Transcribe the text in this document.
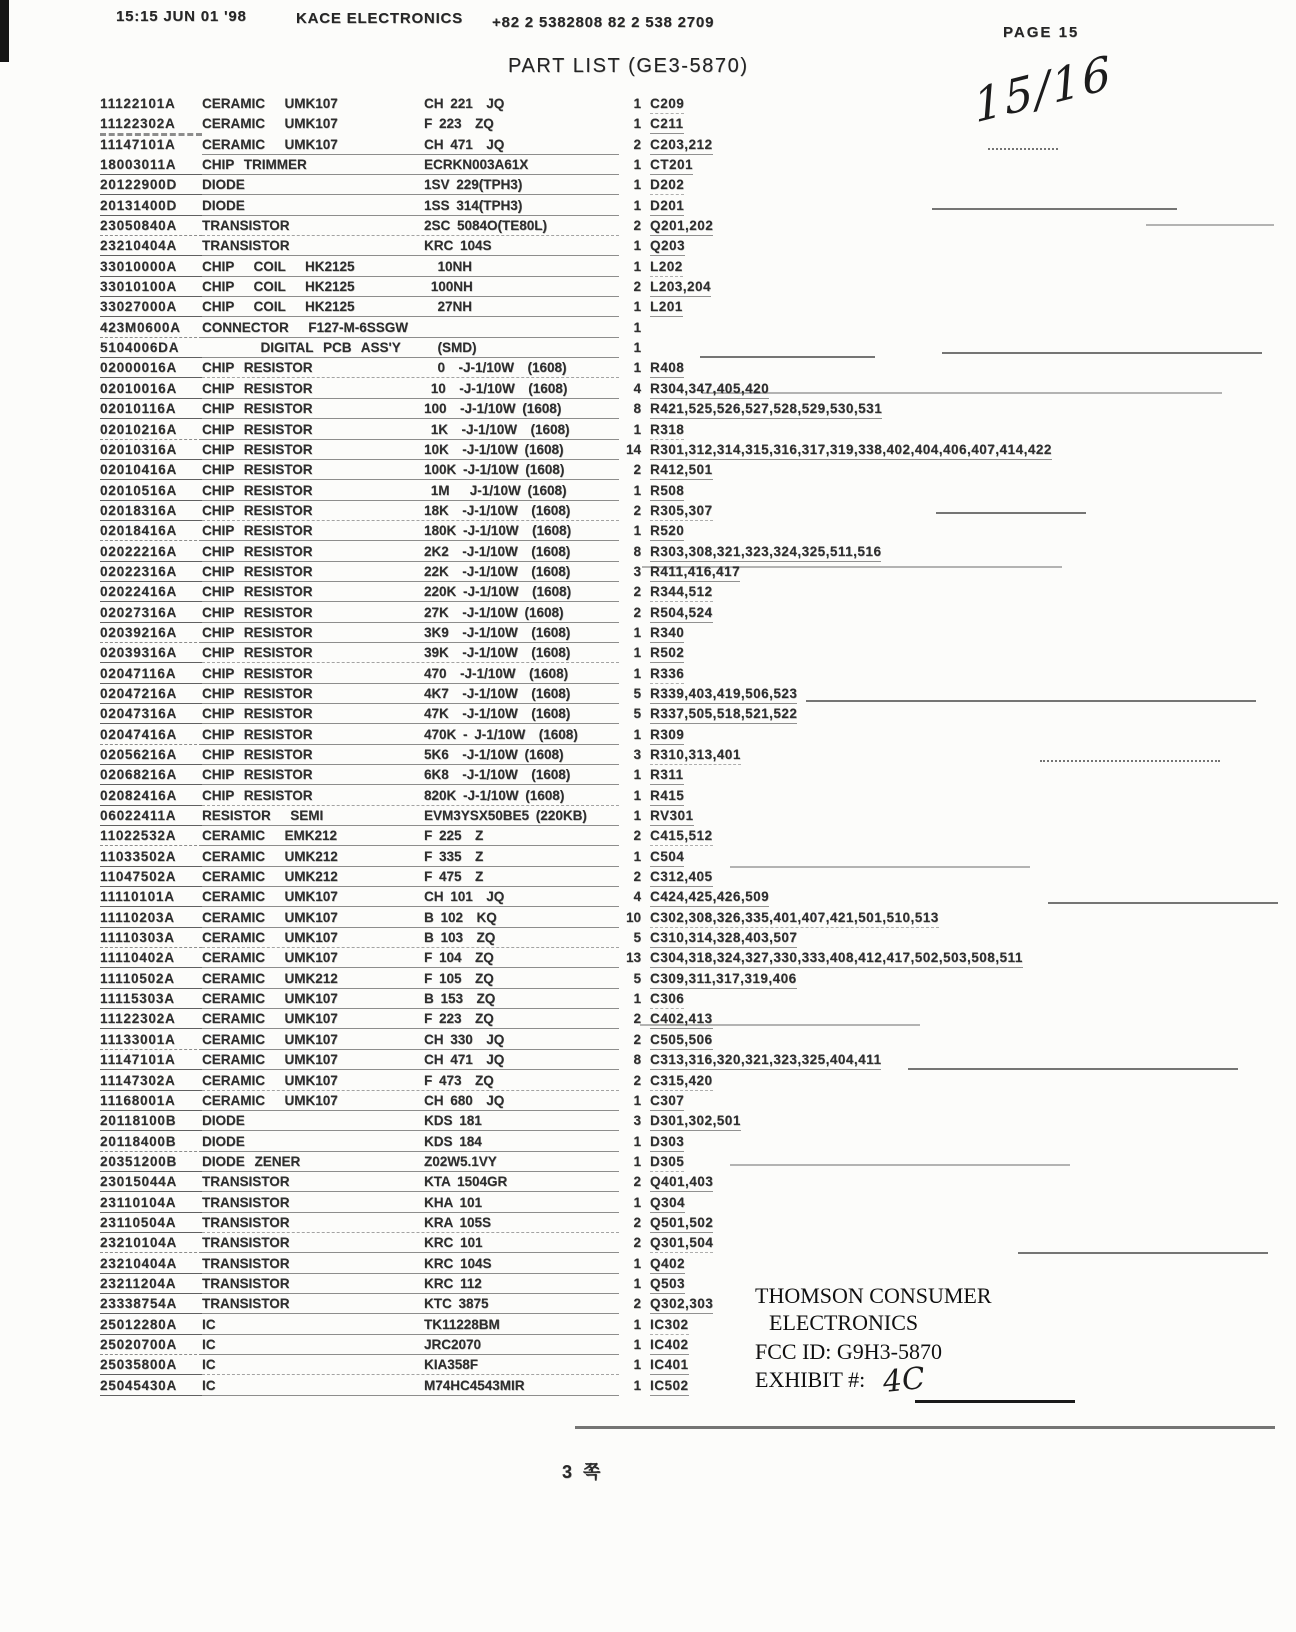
15:15 JUN 01 '98	KACE ELECTRONICS +82 2 5382808 82 2 538 2709
PAGE 15
PART LIST (GE3-5870)	15/16
11122101A	CERAMIC  UMK107	CH 221  JQ	1 C209
11122302A	CERAMIC  UMK107	F 223  ZQ	1 C211
11147101A	CERAMIC  UMK107	CH 471  JQ	2 C203,212
18003011A	CHIP TRIMMER	ECRKN003A61X	1 CT201
20122900D	DIODE	1SV 229(TPH3)	1 D202
20131400D	DIODE	1SS 314(TPH3)	1 D201
23050840A	TRANSISTOR	2SC 5084O(TE80L)	2 Q201,202
23210404A	TRANSISTOR	KRC 104S	1 Q203
33010000A	CHIP  COIL  HK2125	10NH	1 L202
33010100A	CHIP  COIL  HK2125	100NH	2 L203,204
33027000A	CHIP  COIL  HK2125	27NH	1 L201
423M0600A	CONNECTOR  F127-M-6SSGW	1
5104006DA	DIGITAL PCB ASS'Y	(SMD)	1
02000016A	CHIP RESISTOR	0  -J-1/10W  (1608)	1 R408
02010016A	CHIP RESISTOR	10  -J-1/10W  (1608)	4 R304,347,405,420
02010116A	CHIP RESISTOR	100  -J-1/10W (1608)	8 R421,525,526,527,528,529,530,531
02010216A	CHIP RESISTOR	1K  -J-1/10W  (1608)	1 R318
02010316A	CHIP RESISTOR	10K  -J-1/10W (1608)	14 R301,312,314,315,316,317,319,338,402,404,406,407,414,422
02010416A	CHIP RESISTOR	100K -J-1/10W (1608)	2 R412,501
02010516A	CHIP RESISTOR	1M   J-1/10W (1608)	1 R508
02018316A	CHIP RESISTOR	18K  -J-1/10W  (1608)	2 R305,307
02018416A	CHIP RESISTOR	180K -J-1/10W  (1608)	1 R520
02022216A	CHIP RESISTOR	2K2  -J-1/10W  (1608)	8 R303,308,321,323,324,325,511,516
02022316A	CHIP RESISTOR	22K  -J-1/10W  (1608)	3 R411,416,417
02022416A	CHIP RESISTOR	220K -J-1/10W  (1608)	2 R344,512
02027316A	CHIP RESISTOR	27K  -J-1/10W (1608)	2 R504,524
02039216A	CHIP RESISTOR	3K9  -J-1/10W  (1608)	1 R340
02039316A	CHIP RESISTOR	39K  -J-1/10W  (1608)	1 R502
02047116A	CHIP RESISTOR	470  -J-1/10W  (1608)	1 R336
02047216A	CHIP RESISTOR	4K7  -J-1/10W  (1608)	5 R339,403,419,506,523
02047316A	CHIP RESISTOR	47K  -J-1/10W  (1608)	5 R337,505,518,521,522
02047416A	CHIP RESISTOR	470K - J-1/10W  (1608)	1 R309
02056216A	CHIP RESISTOR	5K6  -J-1/10W (1608)	3 R310,313,401
02068216A	CHIP RESISTOR	6K8  -J-1/10W  (1608)	1 R311
02082416A	CHIP RESISTOR	820K -J-1/10W (1608)	1 R415
06022411A	RESISTOR  SEMI	EVM3YSX50BE5 (220KB)	1 RV301
11022532A	CERAMIC  EMK212	F 225  Z	2 C415,512
11033502A	CERAMIC  UMK212	F 335  Z	1 C504
11047502A	CERAMIC  UMK212	F 475  Z	2 C312,405
11110101A	CERAMIC  UMK107	CH 101  JQ	4 C424,425,426,509
11110203A	CERAMIC  UMK107	B 102  KQ	10 C302,308,326,335,401,407,421,501,510,513
11110303A	CERAMIC  UMK107	B 103  ZQ	5 C310,314,328,403,507
11110402A	CERAMIC  UMK107	F 104  ZQ	13 C304,318,324,327,330,333,408,412,417,502,503,508,511
11110502A	CERAMIC  UMK212	F 105  ZQ	5 C309,311,317,319,406
11115303A	CERAMIC  UMK107	B 153  ZQ	1 C306
11122302A	CERAMIC  UMK107	F 223  ZQ	2 C402,413
11133001A	CERAMIC  UMK107	CH 330  JQ	2 C505,506
11147101A	CERAMIC  UMK107	CH 471  JQ	8 C313,316,320,321,323,325,404,411
11147302A	CERAMIC  UMK107	F 473  ZQ	2 C315,420
11168001A	CERAMIC  UMK107	CH 680  JQ	1 C307
20118100B	DIODE	KDS 181	3 D301,302,501
20118400B	DIODE	KDS 184	1 D303
20351200B	DIODE ZENER	Z02W5.1VY	1 D305
23015044A	TRANSISTOR	KTA 1504GR	2 Q401,403
23110104A	TRANSISTOR	KHA 101	1 Q304
23110504A	TRANSISTOR	KRA 105S	2 Q501,502
23210104A	TRANSISTOR	KRC 101	2 Q301,504
23210404A	TRANSISTOR	KRC 104S	1 Q402
23211204A	TRANSISTOR	KRC 112	1 Q503
23338754A	TRANSISTOR	KTC 3875	2 Q302,303
25012280A	IC	TK11228BM	1 IC302
25020700A	IC	JRC2070	1 IC402
25035800A	IC	KIA358F	1 IC401
25045430A	IC	M74HC4543MIR	1 IC502
THOMSON CONSUMER
ELECTRONICS
FCC ID: G9H3-5870
EXHIBIT #: 4C
3 쪽
